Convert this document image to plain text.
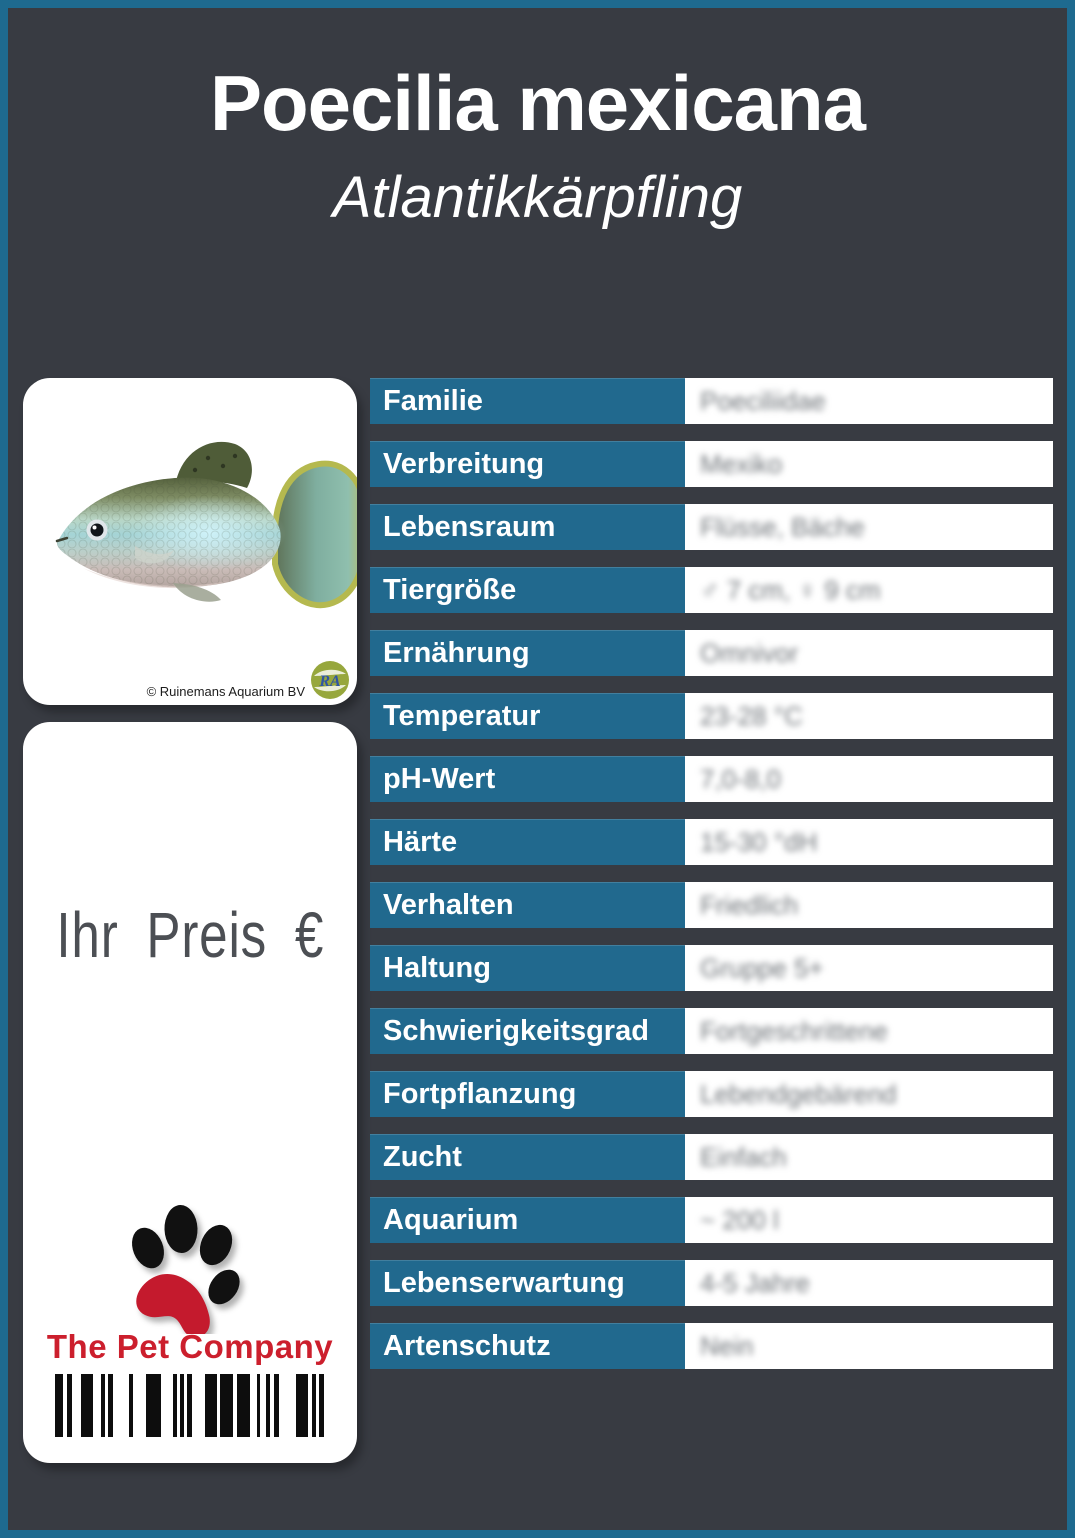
Poecilia mexicana
Atlantikkärpfling
© Ruinemans Aquarium BV
RA
Ihr Preis €
The Pet Company
Familie	Poeciliidae
Verbreitung	Mexiko
Lebensraum	Flüsse, Bäche
Tiergröße	♂ 7 cm, ♀ 9 cm
Ernährung	Omnivor
Temperatur	23-28 °C
pH-Wert	7,0-8,0
Härte	15-30 °dH
Verhalten	Friedlich
Haltung	Gruppe 5+
Schwierigkeitsgrad	Fortgeschrittene
Fortpflanzung	Lebendgebärend
Zucht	Einfach
Aquarium	~ 200 l
Lebenserwartung	4-5 Jahre
Artenschutz	Nein
